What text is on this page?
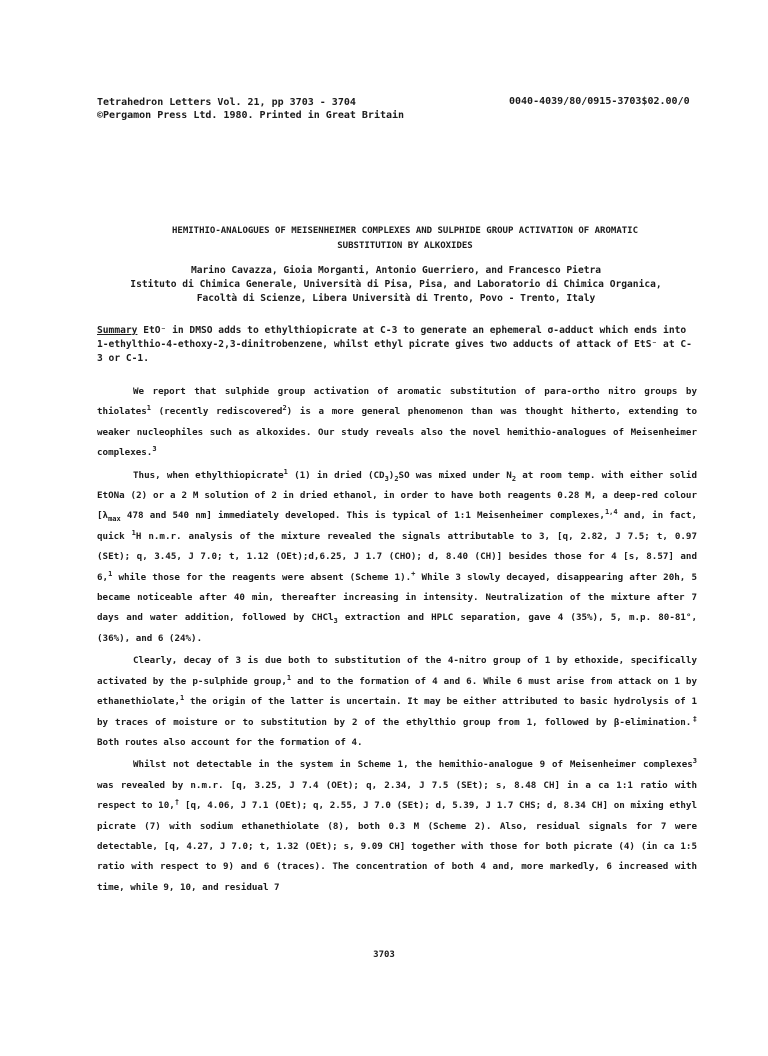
Tetrahedron Letters Vol. 21, pp 3703 - 3704
©Pergamon Press Ltd. 1980. Printed in Great Britain
0040-4039/80/0915-3703$02.00/0
HEMITHIO-ANALOGUES OF MEISENHEIMER COMPLEXES AND SULPHIDE GROUP ACTIVATION OF AROMATIC
SUBSTITUTION BY ALKOXIDES
Marino Cavazza, Gioia Morganti, Antonio Guerriero, and Francesco Pietra
Istituto di Chimica Generale, Università di Pisa, Pisa, and Laboratorio di Chimica Organica,
Facoltà di Scienze, Libera Università di Trento, Povo - Trento, Italy
Summary EtO⁻ in DMSO adds to ethylthiopicrate at C-3 to generate an ephemeral σ-adduct which ends into 1-ethylthio-4-ethoxy-2,3-dinitrobenzene, whilst ethyl picrate gives two adducts of attack of EtS⁻ at C-3 or C-1.

We report that sulphide group activation of aromatic substitution of para-ortho nitro groups by thiolates$^1$ (recently rediscovered$^2$) is a more general phenomenon than was thought hitherto, extending to weaker nucleophiles such as alkoxides. Our study reveals also the novel hemithio-analogues of Meisenheimer complexes.$^3$

Thus, when ethylthiopicrate$^1$ (1) in dried $(CD_3)_2SO$ was mixed under $N_2$ at room temp. with either solid EtONa (2) or a 2 M solution of 2 in dried ethanol, in order to have both reagents 0.28 M, a deep-red colour [$\lambda_{max}$ 478 and 540 nm] immediately developed. This is typical of 1:1 Meisenheimer complexes,$^{1,4}$ and, in fact, quick $^1$H n.m.r. analysis of the mixture revealed the signals attributable to 3, [q, 2.82, J 7.5; t, 0.97 (SEt); q, 3.45, J 7.0; t, 1.12 (OEt);d,6.25, J 1.7 (CHO); d, 8.40 (CH)] besides those for 4 [s, 8.57] and 6,$^1$ while those for the reagents were absent (Scheme 1).+ While 3 slowly decayed, disappearing after 20h, 5 became noticeable after 40 min, thereafter increasing in intensity. Neutralization of the mixture after 7 days and water addition, followed by CHCl$_3$ extraction and HPLC separation, gave 4 (35%), 5, m.p. 80-81°, (36%), and 6 (24%).

Clearly, decay of 3 is due both to substitution of the 4-nitro group of 1 by ethoxide, specifically activated by the p-sulphide group,$^1$ and to the formation of 4 and 6. While 6 must arise from attack on 1 by ethanethiolate,$^1$ the origin of the latter is uncertain. It may be either attributed to basic hydrolysis of 1 by traces of moisture or to substitution by 2 of the ethylthio group from 1, followed by β-elimination.‡ Both routes also account for the formation of 4.

Whilst not detectable in the system in Scheme 1, the hemithio-analogue 9 of Meisenheimer complexes$^3$ was revealed by n.m.r. [q, 3.25, J 7.4 (OEt); q, 2.34, J 7.5 (SEt); s, 8.48 CH] in a ca 1:1 ratio with respect to 10,† [q, 4.06, J 7.1 (OEt); q, 2.55, J 7.0 (SEt); d, 5.39, J 1.7 CHS; d, 8.34 CH] on mixing ethyl picrate (7) with sodium ethanethiolate (8), both 0.3 M (Scheme 2). Also, residual signals for 7 were detectable, [q, 4.27, J 7.0; t, 1.32 (OEt); s, 9.09 CH] together with those for both picrate (4) (in ca 1:5 ratio with respect to 9) and 6 (traces). The concentration of both 4 and, more markedly, 6 increased with time, while 9, 10, and residual 7

3703
